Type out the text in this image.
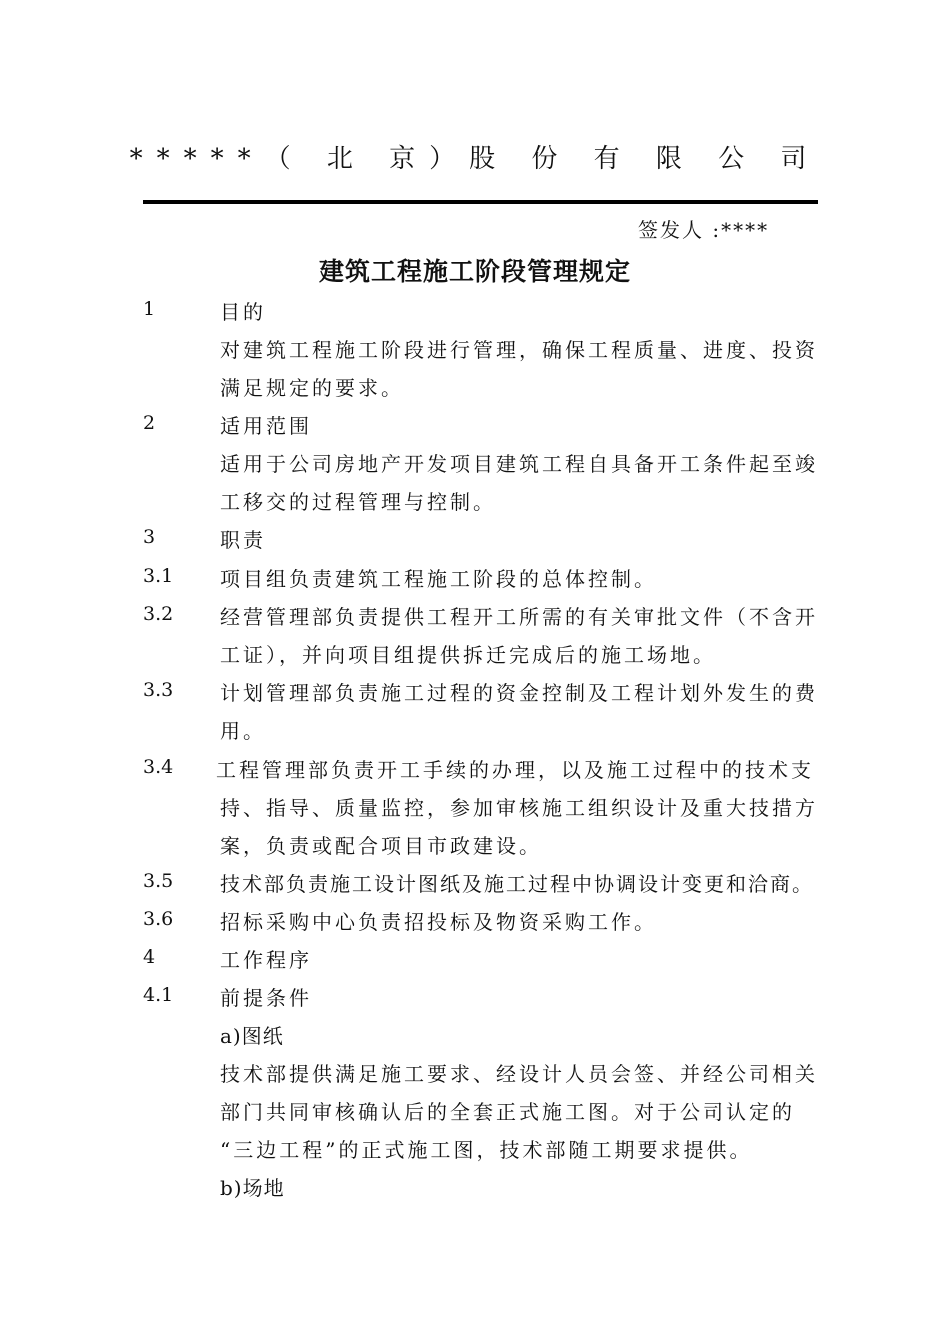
*****（ 北 京）股 份 有 限 公 司
签发人 :****
建筑工程施工阶段管理规定
1	目的
对建筑工程施工阶段进行管理，确保工程质量、进度、投资
满足规定的要求。
2	适用范围
适用于公司房地产开发项目建筑工程自具备开工条件起至竣
工移交的过程管理与控制。
3	职责
3.1 项目组负责建筑工程施工阶段的总体控制。
3.2 经营管理部负责提供工程开工所需的有关审批文件（不含开
工证），并向项目组提供拆迁完成后的施工场地。
3.3 计划管理部负责施工过程的资金控制及工程计划外发生的费
用。
3.4 工程管理部负责开工手续的办理，以及施工过程中的技术支
持、指导、质量监控，参加审核施工组织设计及重大技措方
案，负责或配合项目市政建设。
3.5 技术部负责施工设计图纸及施工过程中协调设计变更和洽商。
3.6 招标采购中心负责招投标及物资采购工作。
4	工作程序
4.1 前提条件
a)图纸
技术部提供满足施工要求、经设计人员会签、并经公司相关
部门共同审核确认后的全套正式施工图。对于公司认定的
“三边工程”的正式施工图，技术部随工期要求提供。
b)场地
